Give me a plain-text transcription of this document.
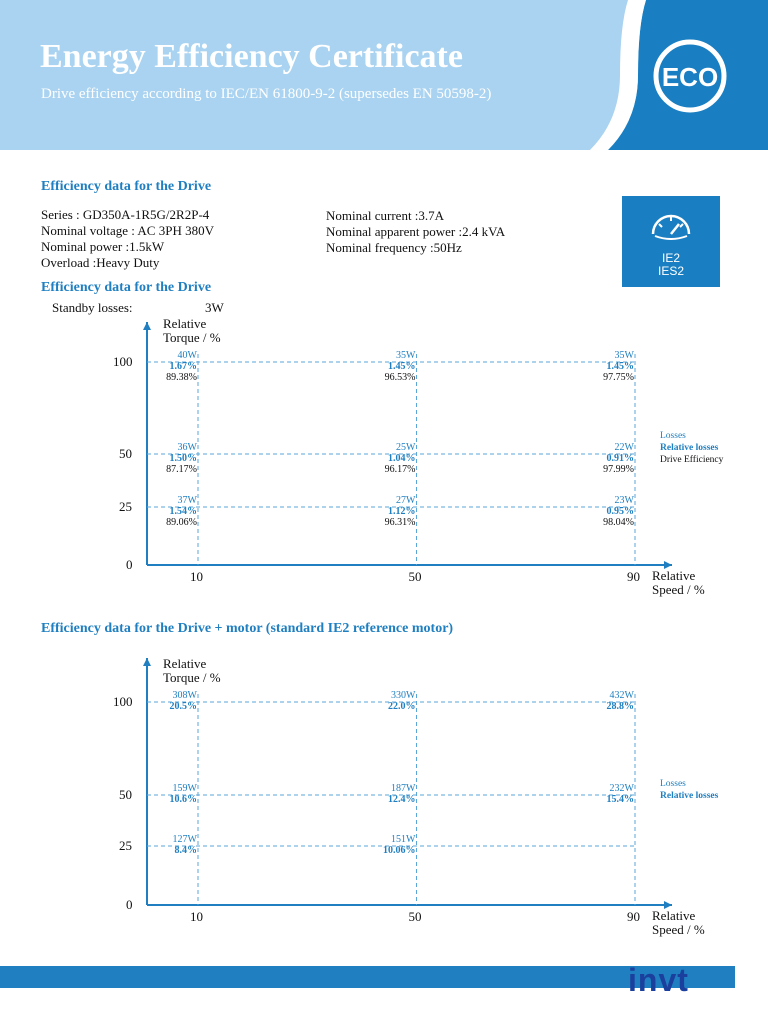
ECO
Energy Efficiency Certificate
Drive efficiency according to IEC/EN 61800-9-2 (supersedes EN 50598-2)
Efficiency data for the Drive
Series : GD350A-1R5G/2R2P-4
Nominal voltage : AC 3PH 380V
Nominal power :1.5kW
Overload :Heavy Duty
Nominal current :3.7A
Nominal apparent power :2.4 kVA
Nominal frequency :50Hz
IE2
IES2
Efficiency data for the Drive
Standby losses:	3W
100
50
25
0
10	50	90
Relative
Torque / %
Relative
Speed / %
40W
1.67%
89.38%
35W
1.45%
96.53%
35W
1.45%
97.75%
36W
1.50%
87.17%
25W
1.04%
96.17%
22W
0.91%
97.99%
37W
1.54%
89.06%
27W
1.12%
96.31%
23W
0.95%
98.04%
Losses
Relative losses
Drive Efficiency
Efficiency data for the Drive + motor (standard IE2 reference motor)
100
50
25
0
10	50	90
Relative
Torque / %
Relative
Speed / %
308W
20.5%
330W
22.0%
432W
28.8%
159W
10.6%
187W
12.4%
232W
15.4%
127W
8.4%
151W
10.06%
Losses
Relative losses
invt
